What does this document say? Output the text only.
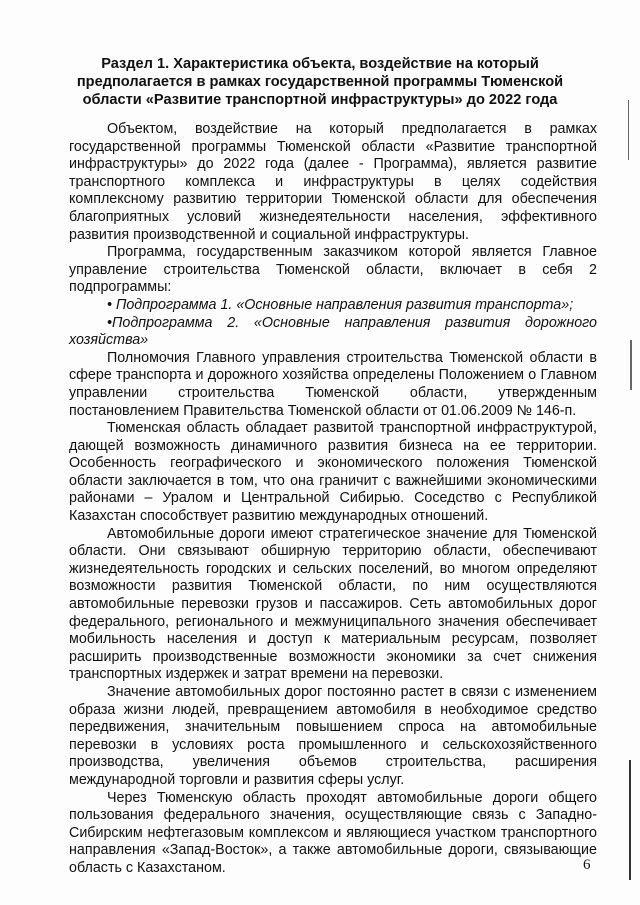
Раздел 1. Характеристика объекта, воздействие на который
предполагается в рамках государственной программы Тюменской
области «Развитие транспортной инфраструктуры» до 2022 года

Объектом, воздействие на который предполагается в рамках государственной программы Тюменской области «Развитие транспортной инфраструктуры» до 2022 года (далее - Программа), является развитие транспортного комплекса и инфраструктуры в целях содействия комплексному развитию территории Тюменской области для обеспечения благоприятных условий жизнедеятельности населения, эффективного развития производственной и социальной инфраструктуры.

Программа, государственным заказчиком которой является Главное управление строительства Тюменской области, включает в себя 2 подпрограммы:

• Подпрограмма 1. «Основные направления развития транспорта»;

•Подпрограмма 2. «Основные направления развития дорожного хозяйства»

Полномочия Главного управления строительства Тюменской области в сфере транспорта и дорожного хозяйства определены Положением о Главном управлении строительства Тюменской области, утвержденным постановлением Правительства Тюменской области от 01.06.2009 № 146-п.

Тюменская область обладает развитой транспортной инфраструктурой, дающей возможность динамичного развития бизнеса на ее территории. Особенность географического и экономического положения Тюменской области заключается в том, что она граничит с важнейшими экономическими районами – Уралом и Центральной Сибирью. Соседство с Республикой Казахстан способствует развитию международных отношений.

Автомобильные дороги имеют стратегическое значение для Тюменской области. Они связывают обширную территорию области, обеспечивают жизнедеятельность городских и сельских поселений, во многом определяют возможности развития Тюменской области, по ним осуществляются автомобильные перевозки грузов и пассажиров. Сеть автомобильных дорог федерального, регионального и межмуниципального значения обеспечивает мобильность населения и доступ к материальным ресурсам, позволяет расширить производственные возможности экономики за счет снижения транспортных издержек и затрат времени на перевозки.

Значение автомобильных дорог постоянно растет в связи с изменением образа жизни людей, превращением автомобиля в необходимое средство передвижения, значительным повышением спроса на автомобильные перевозки в условиях роста промышленного и сельскохозяйственного производства, увеличения объемов строительства, расширения международной торговли и развития сферы услуг.

Через Тюменскую область проходят автомобильные дороги общего пользования федерального значения, осуществляющие связь с Западно-Сибирским нефтегазовым комплексом и являющиеся участком транспортного направления «Запад-Восток», а также автомобильные дороги, связывающие область с Казахстаном.	6
